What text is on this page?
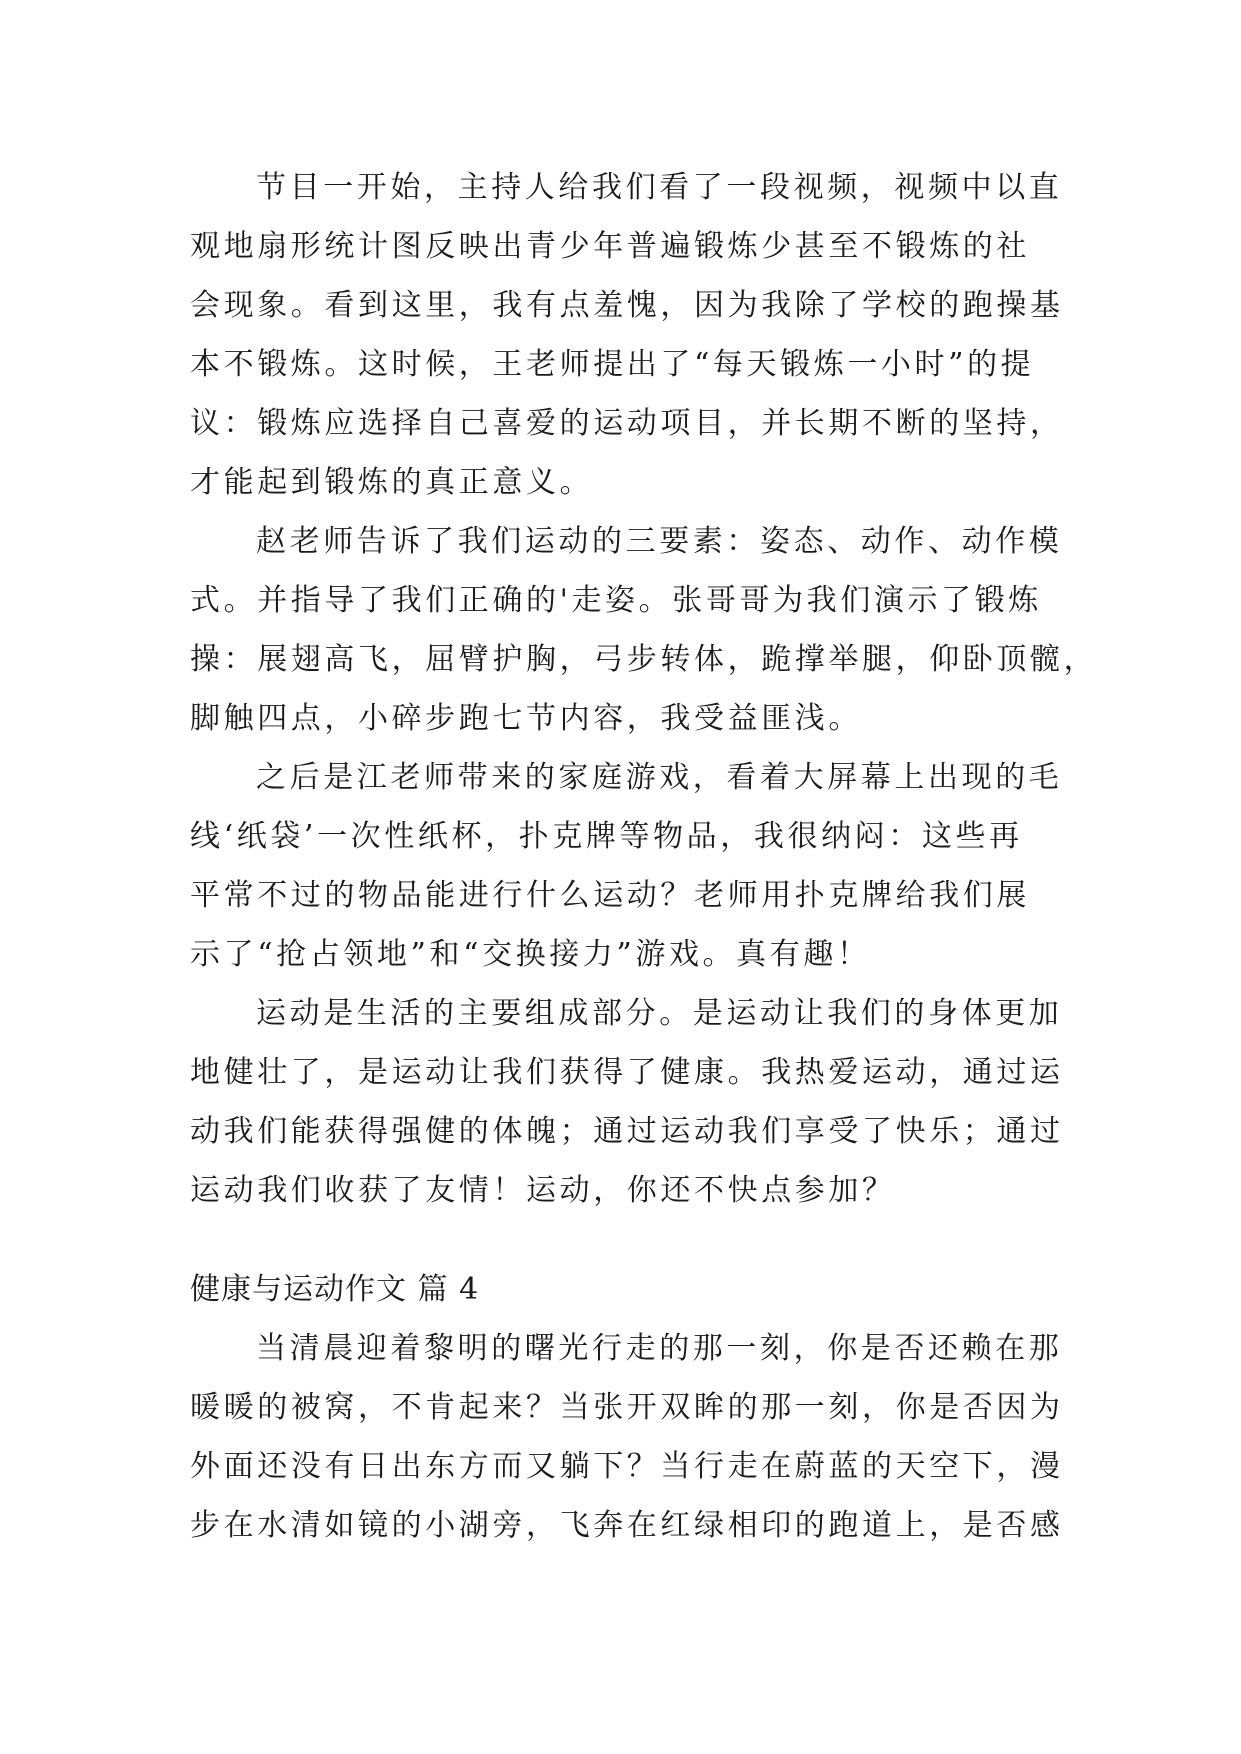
节目一开始，主持人给我们看了一段视频，视频中以直
观地扇形统计图反映出青少年普遍锻炼少甚至不锻炼的社
会现象。看到这里，我有点羞愧，因为我除了学校的跑操基
本不锻炼。这时候，王老师提出了“每天锻炼一小时”的提
议：锻炼应选择自己喜爱的运动项目，并长期不断的坚持，
才能起到锻炼的真正意义。
赵老师告诉了我们运动的三要素：姿态、动作、动作模
式。并指导了我们正确的'走姿。张哥哥为我们演示了锻炼
操：展翅高飞，屈臂护胸，弓步转体，跪撑举腿，仰卧顶髋，
脚触四点，小碎步跑七节内容，我受益匪浅。
之后是江老师带来的家庭游戏，看着大屏幕上出现的毛
线‘纸袋’一次性纸杯，扑克牌等物品，我很纳闷：这些再
平常不过的物品能进行什么运动？老师用扑克牌给我们展
示了“抢占领地”和“交换接力”游戏。真有趣！
运动是生活的主要组成部分。是运动让我们的身体更加
地健壮了，是运动让我们获得了健康。我热爱运动，通过运
动我们能获得强健的体魄；通过运动我们享受了快乐；通过
运动我们收获了友情！运动，你还不快点参加？
健康与运动作文 篇 4
当清晨迎着黎明的曙光行走的那一刻，你是否还赖在那
暖暖的被窝，不肯起来？当张开双眸的那一刻，你是否因为
外面还没有日出东方而又躺下？当行走在蔚蓝的天空下，漫
步在水清如镜的小湖旁，飞奔在红绿相印的跑道上，是否感
